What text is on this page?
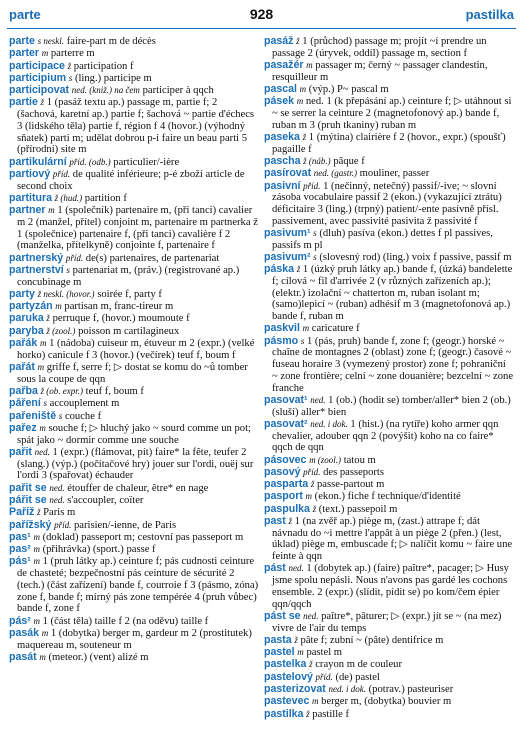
parte	928	pastilka

parte s neskl. faire-part m de décès

parter m parterre m

participace ž participation f

participium s (ling.) participe m

participovat ned. (kniž.) na čem participer à qqch

partie ž 1 (pasáž textu ap.) passage m, partie f; 2 (šachová, karetní ap.) partie f; šachová ~ partie d'échecs 3 (lidského těla) partie f, région f 4 (hovor.) (výhodný sňatek) parti m; udělat dobrou p-i faire un beau parti 5 (přírodní) site m

partikulární příd. (odb.) particulier/-ière

partiový příd. de qualité inférieure; p-é zboží article de second choix

partitura ž (hud.) partition f

partner m 1 (společník) partenaire m, (při tanci) cavalier m 2 (manžel, přítel) conjoint m, partenaire m partnerka ž 1 (společnice) partenaire f, (při tanci) cavalière f 2 (manželka, přítelkyně) conjointe f, partenaire f

partnerský příd. de(s) partenaires, de partenariat

partnerství s partenariat m, (práv.) (registrované ap.) concubinage m

party ž neskl. (hovor.) soirée f, party f

partyzán m partisan m, franc-tireur m

paruka ž perruque f, (hovor.) moumoute f

paryba ž (zool.) poisson m cartilagineux

pařák m 1 (nádoba) cuiseur m, étuveur m 2 (expr.) (velké horko) canicule f 3 (hovor.) (večírek) teuf f, boum f

pařát m griffe f, serre f; ▷ dostat se komu do ~ů tomber sous la coupe de qqn

pařba ž (ob. expr.) teuf f, boum f

pāření s accouplement m

pařeniště s couche f

pařez m souche f; ▷ hluchý jako ~ sourd comme un pot; spát jako ~ dormir comme une souche

pařit ned. 1 (expr.) (flámovat, pít) faire* la fête, teufer 2 (slang.) (výp.) (počítačové hry) jouer sur l'ordi, ouëj sur l'ordi 3 (spařovat) échauder

pařit se ned. étouffer de chaleur, être* en nage

pářit se ned. s'accoupler, coïter

Paříž ž Paris m

pařížský příd. parisien/-ienne, de Paris

pas¹ m (doklad) passeport m; cestovní pas passeport m

pas² m (přihrávka) (sport.) passe f

pás¹ m 1 (pruh látky ap.) ceinture f; pás cudnosti ceinture de chasteté; bezpečnostní pás ceinture de sécurité 2 (tech.) (část zařízení) bande f, courroie f 3 (pásmo, zóna) zone f, bande f; mírný pás zone tempérée 4 (pruh vůbec) bande f, zone f

pás² m 1 (část těla) taille f 2 (na oděvu) taille f

pasák m 1 (dobytka) berger m, gardeur m 2 (prostitutek) maquereau m, souteneur m

pasát m (meteor.) (vent) alizé m

pasáž ž 1 (průchod) passage m; projít ~í prendre un passage 2 (úryvek, oddíl) passage m, section f

pasažér m passager m; černý ~ passager clandestin, resquilleur m

pascal m (výp.) P~ pascal m

pásek m ned. 1 (k přepásání ap.) ceinture f; ▷ utáhnout si ~ se serrer la ceinture 2 (magnetofonový ap.) bande f, ruban m 3 (pruh tkaniny) ruban m

paseka ž 1 (mýtina) clairière f 2 (hovor., expr.) (spoušť) pagaille f

pascha ž (náb.) pâque f

pasírovat ned. (gastr.) mouliner, passer

pasivní příd. 1 (nečinný, netečný) passif/-ive; ~ slovní zásoba vocabulaire passif 2 (ekon.) (vykazující ztrátu) déficitaire 3 (ling.) (trpný) patient/-ente pasívně přísl. passivement, avec passivité pasivita ž passivité f

pasivum¹ s (dluh) pasíva (ekon.) dettes f pl passives, passifs m pl

pasivum² s (slovesný rod) (ling.) voix f passive, passif m

páska ž 1 (úzký pruh látky ap.) bande f, (úzká) bandelette f; cílová ~ fil d'arrivée 2 (v různých zařízeních ap.); (elektr.) izolační ~ chatterton m, ruban isolant m; (samo)lepicí ~ (ruban) adhésif m 3 (magnetofonová ap.) bande f, ruban m

paskvil m caricature f

pásmo s 1 (pás, pruh) bande f, zone f; (geogr.) horské ~ chaîne de montagnes 2 (oblast) zone f; (geogr.) časové ~ fuseau horaire 3 (vymezený prostor) zone f; pohraniční ~ zone frontière; celní ~ zone douanière; bezcelní ~ zone franche

pasovat¹ ned. 1 (ob.) (hodit se) tomber/aller* bien 2 (ob.) (sluší) aller* bien

pasovat² ned. i dok. 1 (hist.) (na rytíře) koho armer qqn chevalier, adouber qqn 2 (povýšit) koho na co faire* qqch de qqn

pásovec m (zool.) tatou m

pasový příd. des passeports

pasparta ž passe-partout m

pasport m (ekon.) fiche f technique/d'identité

paspulka ž (text.) passepoil m

past ž 1 (na zvěř ap.) piège m, (zast.) attrape f; dát návnadu do ~i mettre l'appât à un piège 2 (přen.) (lest, úklad) piège m, embuscade f; ▷ nalíčit komu ~ faire une feinte à qqn

pást ned. 1 (dobytek ap.) (faire) paître*, pacager; ▷ Husy jsme spolu nepásli. Nous n'avons pas gardé les cochons ensemble. 2 (expr.) (slídit, pídit se) po kom/čem épier qqn/qqch

pást se ned. paître*, pâturer; ▷ (expr.) jít se ~ (na mez) vivre de l'air du temps

pasta ž pâte f; zubní ~ (pâte) dentifrice m

pastel m pastel m

pastelka ž crayon m de couleur

pastelový příd. (de) pastel

pasterizovat ned. i dok. (potrav.) pasteuriser

pastevec m berger m, (dobytka) bouvier m

pastilka ž pastille f
